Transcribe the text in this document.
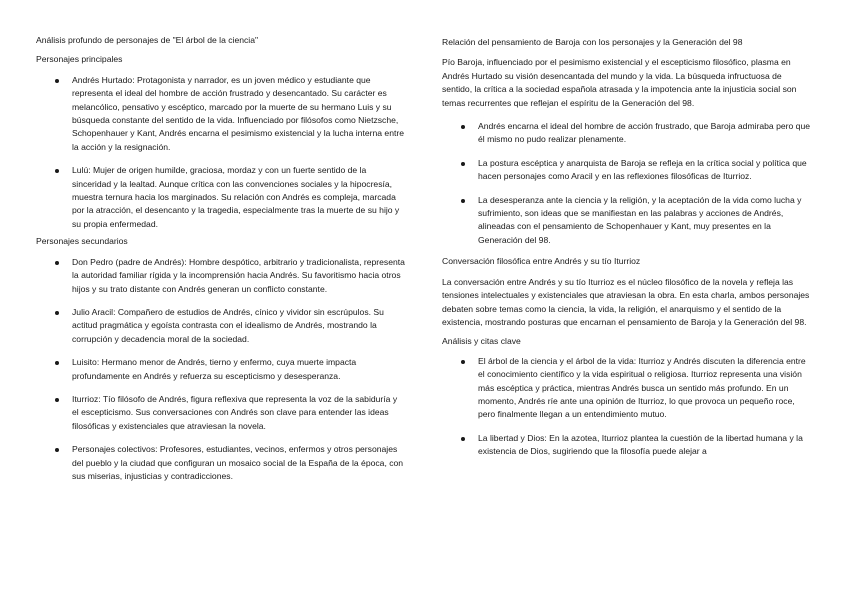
Análisis profundo de personajes de "El árbol de la ciencia"

Personajes principales

Andrés Hurtado: Protagonista y narrador, es un joven médico y estudiante que representa el ideal del hombre de acción frustrado y desencantado. Su carácter es melancólico, pensativo y escéptico, marcado por la muerte de su hermano Luis y su búsqueda constante del sentido de la vida. Influenciado por filósofos como Nietzsche, Schopenhauer y Kant, Andrés encarna el pesimismo existencial y la lucha interna entre la acción y la resignación.
Lulú: Mujer de origen humilde, graciosa, mordaz y con un fuerte sentido de la sinceridad y la lealtad. Aunque crítica con las convenciones sociales y la hipocresía, muestra ternura hacia los marginados. Su relación con Andrés es compleja, marcada por la atracción, el desencanto y la tragedia, especialmente tras la muerte de su hijo y su propia enfermedad.

Personajes secundarios

Don Pedro (padre de Andrés): Hombre despótico, arbitrario y tradicionalista, representa la autoridad familiar rígida y la incomprensión hacia Andrés. Su favoritismo hacia otros hijos y su trato distante con Andrés generan un conflicto constante.
Julio Aracil: Compañero de estudios de Andrés, cínico y vividor sin escrúpulos. Su actitud pragmática y egoísta contrasta con el idealismo de Andrés, mostrando la corrupción y decadencia moral de la sociedad.
Luisito: Hermano menor de Andrés, tierno y enfermo, cuya muerte impacta profundamente en Andrés y refuerza su escepticismo y desesperanza.
Iturrioz: Tío filósofo de Andrés, figura reflexiva que representa la voz de la sabiduría y el escepticismo. Sus conversaciones con Andrés son clave para entender las ideas filosóficas y existenciales que atraviesan la novela.
Personajes colectivos: Profesores, estudiantes, vecinos, enfermos y otros personajes del pueblo y la ciudad que configuran un mosaico social de la España de la época, con sus miserias, injusticias y contradicciones.

Relación del pensamiento de Baroja con los personajes y la Generación del 98

Pío Baroja, influenciado por el pesimismo existencial y el escepticismo filosófico, plasma en Andrés Hurtado su visión desencantada del mundo y la vida. La búsqueda infructuosa de sentido, la crítica a la sociedad española atrasada y la impotencia ante la injusticia social son temas recurrentes que reflejan el espíritu de la Generación del 98.

Andrés encarna el ideal del hombre de acción frustrado, que Baroja admiraba pero que él mismo no pudo realizar plenamente.
La postura escéptica y anarquista de Baroja se refleja en la crítica social y política que hacen personajes como Aracil y en las reflexiones filosóficas de Iturrioz.
La desesperanza ante la ciencia y la religión, y la aceptación de la vida como lucha y sufrimiento, son ideas que se manifiestan en las palabras y acciones de Andrés, alineadas con el pensamiento de Schopenhauer y Kant, muy presentes en la Generación del 98.

Conversación filosófica entre Andrés y su tío Iturrioz

La conversación entre Andrés y su tío Iturrioz es el núcleo filosófico de la novela y refleja las tensiones intelectuales y existenciales que atraviesan la obra. En esta charla, ambos personajes debaten sobre temas como la ciencia, la vida, la religión, el anarquismo y el sentido de la existencia, mostrando posturas que encarnan el pensamiento de Baroja y la Generación del 98.

Análisis y citas clave

El árbol de la ciencia y el árbol de la vida: Iturrioz y Andrés discuten la diferencia entre el conocimiento científico y la vida espiritual o religiosa. Iturrioz representa una visión más escéptica y práctica, mientras Andrés busca un sentido más profundo. En un momento, Andrés ríe ante una opinión de Iturrioz, lo que provoca un pequeño roce, pero finalmente llegan a un entendimiento mutuo.
La libertad y Dios: En la azotea, Iturrioz plantea la cuestión de la libertad humana y la existencia de Dios, sugiriendo que la filosofía puede alejar a
